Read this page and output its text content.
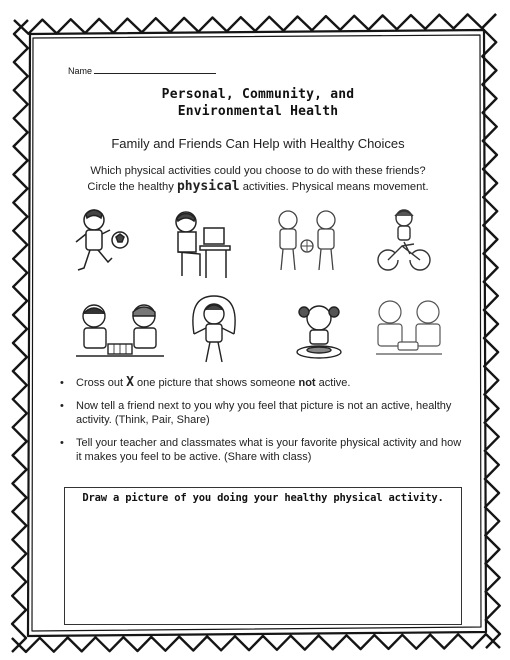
Name
Personal, Community, and
Environmental Health
Family and Friends Can Help with Healthy Choices
Which physical activities could you choose to do with these friends?
Circle the healthy physical activities. Physical means movement.
• Cross out X one picture that shows someone not active.
• Now tell a friend next to you why you feel that picture is not an active, healthy activity. (Think, Pair, Share)
• Tell your teacher and classmates what is your favorite physical activity and how it makes you feel to be active. (Share with class)
Draw a picture of you doing your healthy physical activity.
